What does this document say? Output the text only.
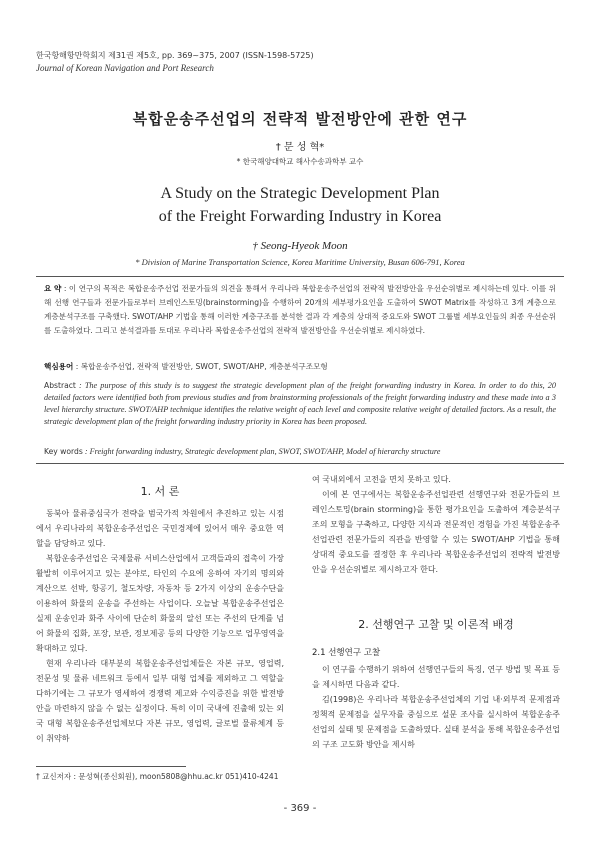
한국항해항만학회지 제31권 제5호, pp. 369~375, 2007 (ISSN-1598-5725)
Journal of Korean Navigation and Port Research
복합운송주선업의 전략적 발전방안에 관한 연구
† 문 성 혁*
* 한국해양대학교 해사수송과학부 교수
A Study on the Strategic Development Plan
of the Freight Forwarding Industry in Korea
† Seong-Hyeok Moon
* Division of Marine Transportation Science, Korea Maritime University, Busan 606-791, Korea
요 약 : 이 연구의 목적은 복합운송주선업 전문가들의 의견을 통해서 우리나라 복합운송주선업의 전략적 발전방안을 우선순위별로 제시하는데 있다. 이를 위해 선행 연구들과 전문가들로부터 브레인스토밍(brainstorming)을 수행하여 20개의 세부평가요인을 도출하여 SWOT Matrix를 작성하고 3개 계층으로 계층분석구조를 구축했다. SWOT/AHP 기법을 통해 이러한 계층구조를 분석한 결과 각 계층의 상대적 중요도와 SWOT 그룹별 세부요인들의 최종 우선순위를 도출하였다. 그리고 분석결과를 토대로 우리나라 복합운송주선업의 전략적 발전방안을 우선순위별로 제시하였다.
핵심용어 : 복합운송주선업, 전략적 발전방안, SWOT, SWOT/AHP, 계층분석구조모형
Abstract : The purpose of this study is to suggest the strategic development plan of the freight forwarding industry in Korea. In order to do this, 20 detailed factors were identified both from previous studies and from brainstorming professionals of the freight forwarding industry and these made into a 3 level hierarchy structure. SWOT/AHP technique identifies the relative weight of each level and composite relative weight of detailed factors. As a result, the strategic development plan of the freight forwarding industry priority in Korea has been proposed.
Key words : Freight forwarding industry, Strategic development plan, SWOT, SWOT/AHP, Model of hierarchy structure
1. 서 론

동북아 물류중심국가 전략을 범국가적 차원에서 추진하고 있는 시점에서 우리나라의 복합운송주선업은 국민경제에 있어서 매우 중요한 역할을 담당하고 있다.

복합운송주선업은 국제물류 서비스산업에서 고객들과의 접촉이 가장 활발히 이루어지고 있는 분야로, 타인의 수요에 응하여 자기의 명의와 계산으로 선박, 항공기, 철도차량, 자동차 등 2가지 이상의 운송수단을 이용하여 화물의 운송을 주선하는 사업이다. 오늘날 복합운송주선업은 실제 운송인과 화주 사이에 단순히 화물의 알선 또는 주선의 단계를 넘어 화물의 집화, 포장, 보관, 정보제공 등의 다양한 기능으로 업무영역을 확대하고 있다.

현재 우리나라 대부분의 복합운송주선업체들은 자본 규모, 영업력, 전문성 및 물류 네트워크 등에서 일부 대형 업체를 제외하고 그 역할을 다하기에는 그 규모가 영세하여 경쟁력 제고와 수익증진을 위한 발전방안을 마련하지 않을 수 없는 실정이다. 특히 이미 국내에 진출해 있는 외국 대형 복합운송주선업체보다 자본 규모, 영업력, 글로벌 물류체계 등이 취약하

여 국내외에서 고전을 면치 못하고 있다.

이에 본 연구에서는 복합운송주선업관련 선행연구와 전문가들의 브레인스토밍(brain storming)을 통한 평가요인을 도출하여 계층분석구조의 모형을 구축하고, 다양한 지식과 전문적인 경험을 가진 복합운송주선업관련 전문가들의 직관을 반영할 수 있는 SWOT/AHP 기법을 통해 상대적 중요도를 결정한 후 우리나라 복합운송주선업의 전략적 발전방안을 우선순위별로 제시하고자 한다.

2. 선행연구 고찰 및 이론적 배경
2.1 선행연구 고찰

이 연구를 수행하기 위하여 선행연구들의 특징, 연구 방법 및 목표 등을 제시하면 다음과 같다.

김(1998)은 우리나라 복합운송주선업체의 기업 내·외부적 문제점과 정책적 문제점을 실무자를 중심으로 설문 조사를 실시하여 복합운송주선업의 실태 및 문제점을 도출하였다. 실태 분석을 통해 복합운송주선업의 구조 고도화 방안을 제시하

† 교신저자 : 문성혁(종신회원), moon5808@hhu.ac.kr 051)410-4241
- 369 -
